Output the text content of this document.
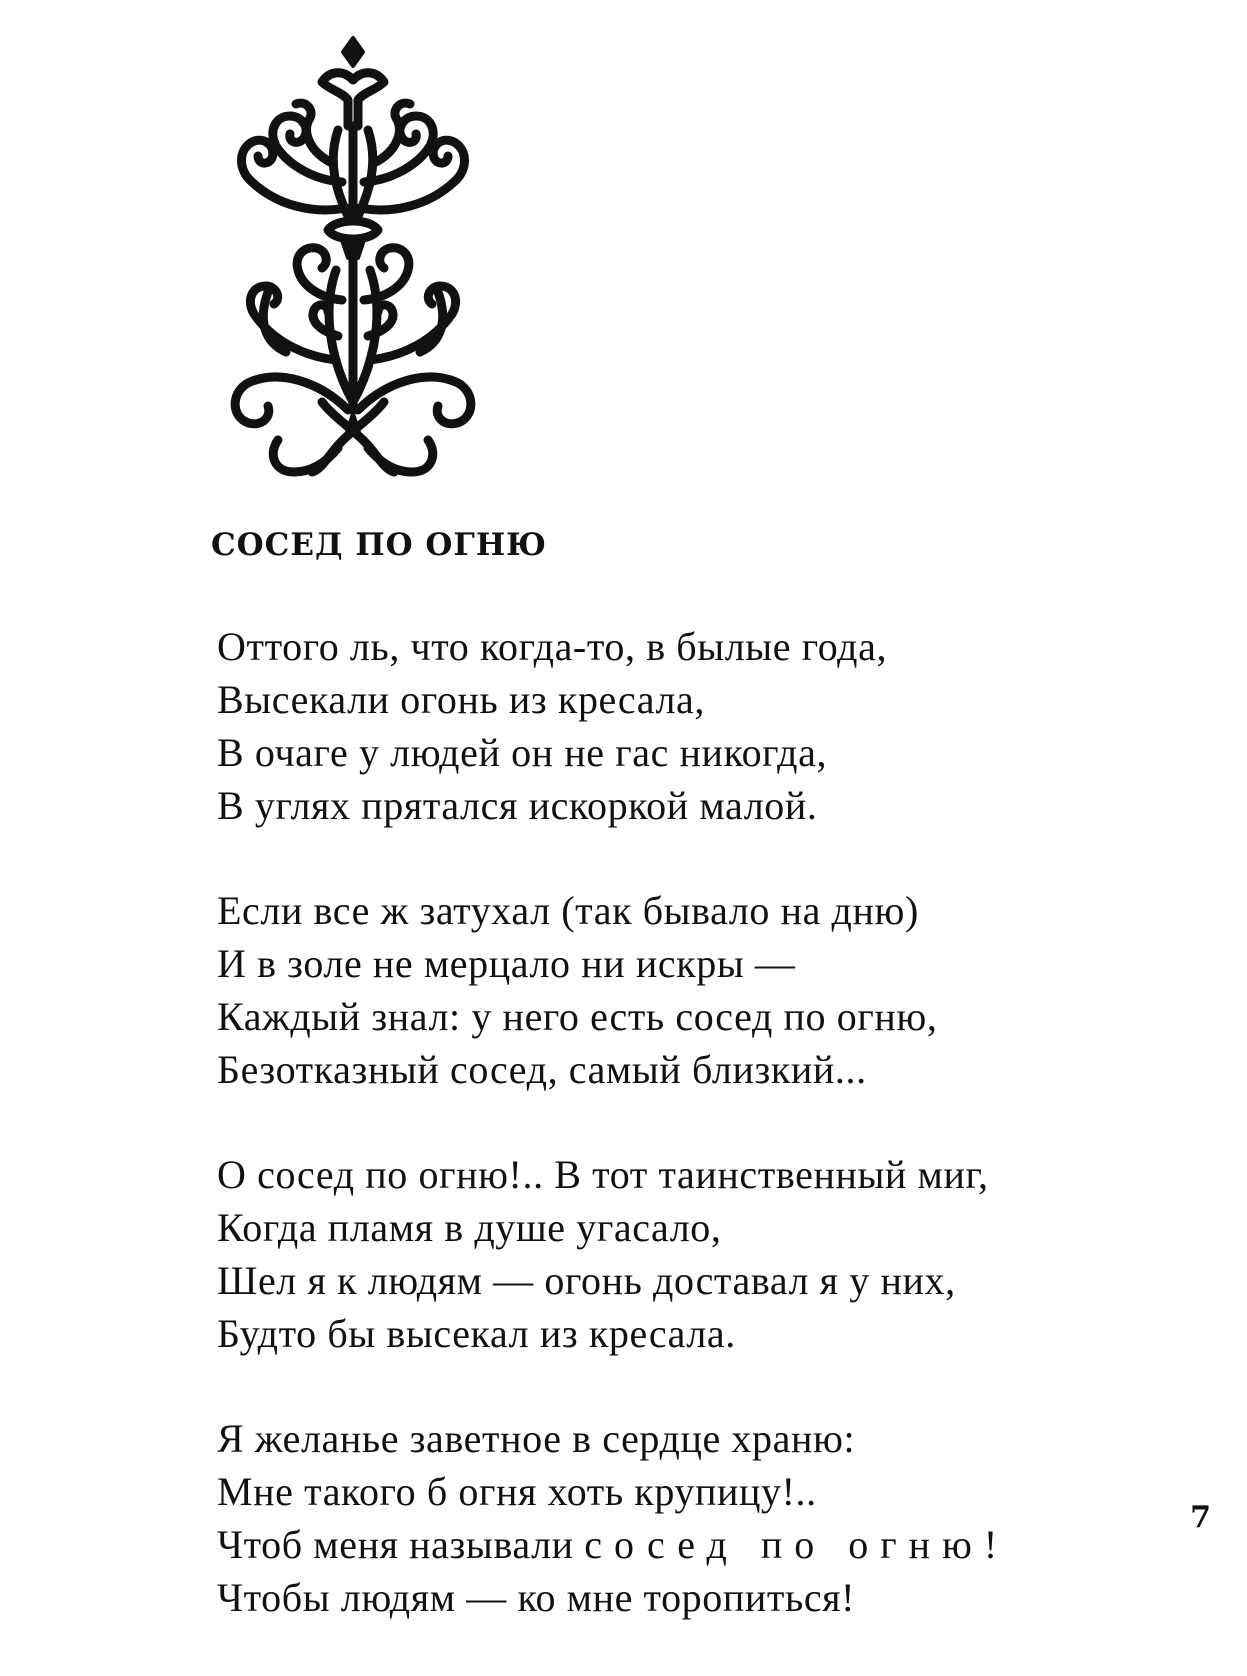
СОСЕД ПО ОГНЮ
Оттого ль, что когда-то, в былые года,
Высекали огонь из кресала,
В очаге у людей он не гас никогда,
В углях прятался искоркой малой.
Если все ж затухал (так бывало на дню)
И в золе не мерцало ни искры —
Каждый знал: у него есть сосед по огню,
Безотказный сосед, самый близкий...
О сосед по огню!.. В тот таинственный миг,
Когда пламя в душе угасало,
Шел я к людям — огонь доставал я у них,
Будто бы высекал из кресала.
Я желанье заветное в сердце храню:
Мне такого б огня хоть крупицу!..
Чтоб меня называли сосед по огню!
Чтобы людям — ко мне торопиться!

7
